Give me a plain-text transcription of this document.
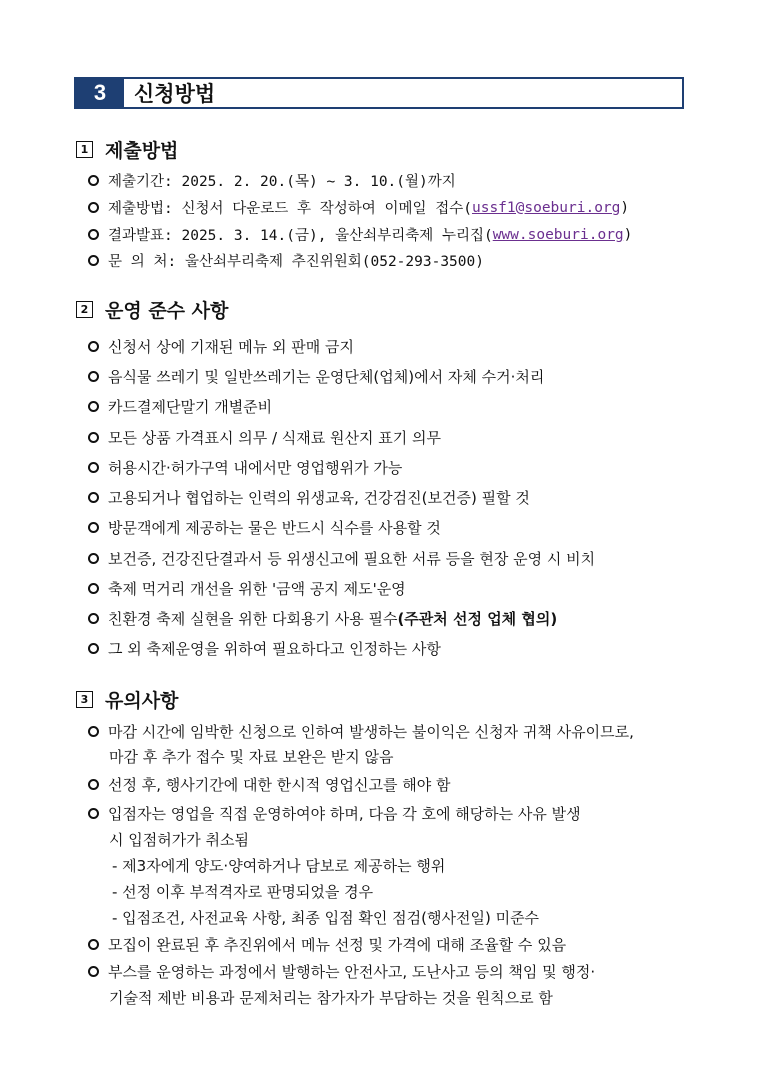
3	신청방법
1 제출방법
제출기간: 2025. 2. 20.(목) ~ 3. 10.(월)까지
제출방법: 신청서 다운로드 후 작성하여 이메일 접수( ussf1@soeburi.org )
결과발표: 2025. 3. 14.(금), 울산쇠부리축제 누리집( www.soeburi.org )
문 의 처: 울산쇠부리축제 추진위원회(052-293-3500)
2 운영 준수 사항
신청서 상에 기재된 메뉴 외 판매 금지
음식물 쓰레기 및 일반쓰레기는 운영단체(업체)에서 자체 수거·처리
카드결제단말기 개별준비
모든 상품 가격표시 의무 / 식재료 원산지 표기 의무
허용시간·허가구역 내에서만 영업행위가 가능
고용되거나 협업하는 인력의 위생교육, 건강검진(보건증) 필할 것
방문객에게 제공하는 물은 반드시 식수를 사용할 것
보건증, 건강진단결과서 등 위생신고에 필요한 서류 등을 현장 운영 시 비치
축제 먹거리 개선을 위한 '금액 공지 제도'운영
친환경 축제 실현을 위한 다회용기 사용 필수 (주관처 선정 업체 협의)
그 외 축제운영을 위하여 필요하다고 인정하는 사항
3 유의사항
마감 시간에 임박한 신청으로 인하여 발생하는 불이익은 신청자 귀책 사유이므로,
마감 후 추가 접수 및 자료 보완은 받지 않음
선정 후, 행사기간에 대한 한시적 영업신고를 해야 함
입점자는 영업을 직접 운영하여야 하며, 다음 각 호에 해당하는 사유 발생
시 입점허가가 취소됨
- 제3자에게 양도·양여하거나 담보로 제공하는 행위
- 선정 이후 부적격자로 판명되었을 경우
- 입점조건, 사전교육 사항, 최종 입점 확인 점검(행사전일) 미준수
모집이 완료된 후 추진위에서 메뉴 선정 및 가격에 대해 조율할 수 있음
부스를 운영하는 과정에서 발행하는 안전사고, 도난사고 등의 책임 및 행정·
기술적 제반 비용과 문제처리는 참가자가 부담하는 것을 원칙으로 함
